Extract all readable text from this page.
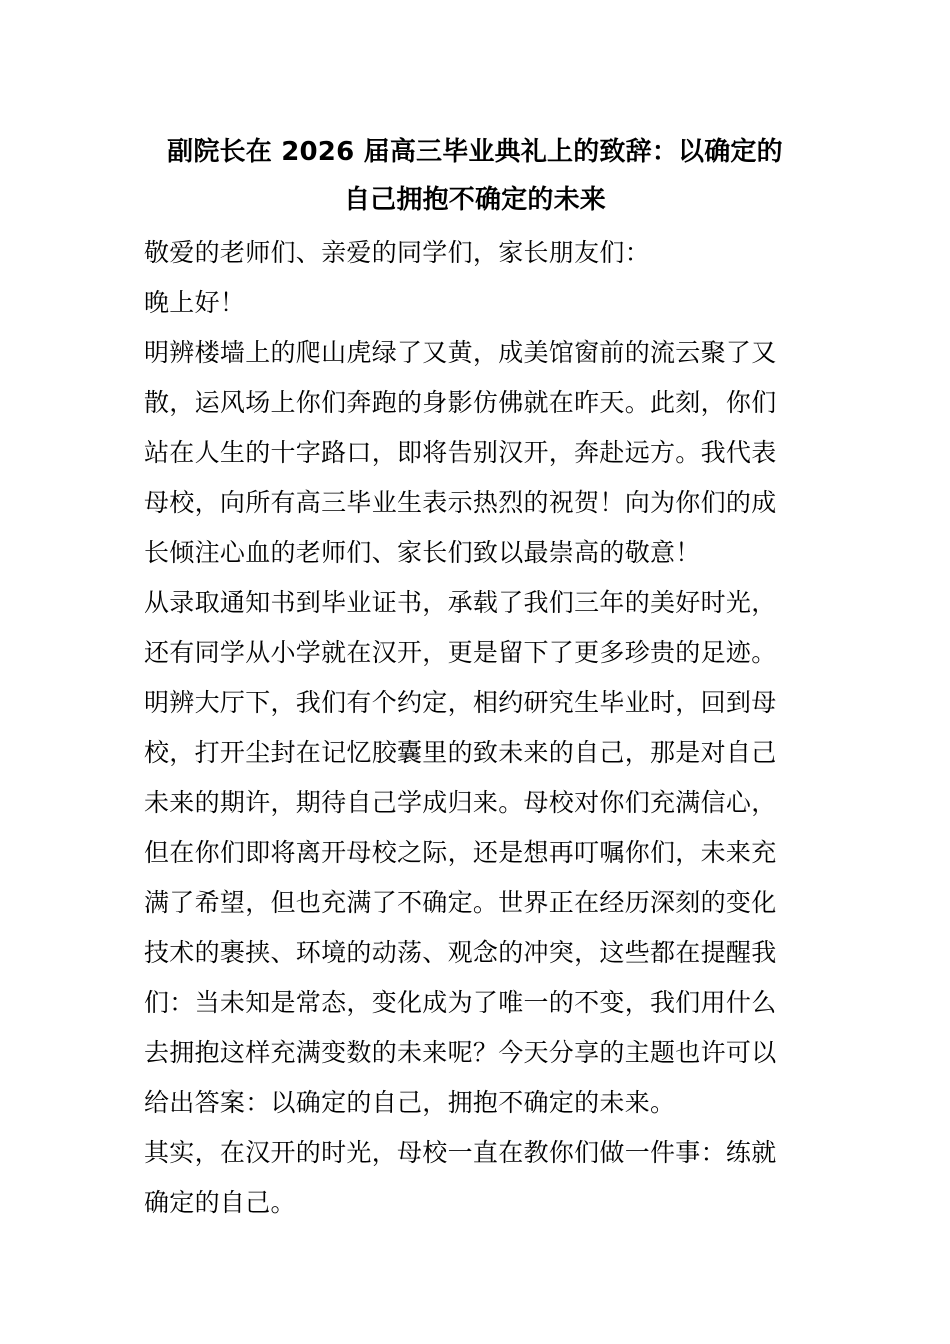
副院长在 2026 届高三毕业典礼上的致辞：以确定的
自己拥抱不确定的未来
敬爱的老师们、亲爱的同学们，家长朋友们：
晚上好！
明辨楼墙上的爬山虎绿了又黄，成美馆窗前的流云聚了又
散，运风场上你们奔跑的身影仿佛就在昨天。此刻，你们
站在人生的十字路口，即将告别汉开，奔赴远方。我代表
母校，向所有高三毕业生表示热烈的祝贺！向为你们的成
长倾注心血的老师们、家长们致以最崇高的敬意！
从录取通知书到毕业证书，承载了我们三年的美好时光，
还有同学从小学就在汉开，更是留下了更多珍贵的足迹。
明辨大厅下，我们有个约定，相约研究生毕业时，回到母
校，打开尘封在记忆胶囊里的致未来的自己，那是对自己
未来的期许，期待自己学成归来。母校对你们充满信心，
但在你们即将离开母校之际，还是想再叮嘱你们，未来充
满了希望，但也充满了不确定。世界正在经历深刻的变化
技术的裹挟、环境的动荡、观念的冲突，这些都在提醒我
们：当未知是常态，变化成为了唯一的不变，我们用什么
去拥抱这样充满变数的未来呢？今天分享的主题也许可以
给出答案：以确定的自己，拥抱不确定的未来。
其实，在汉开的时光，母校一直在教你们做一件事：练就
确定的自己。
